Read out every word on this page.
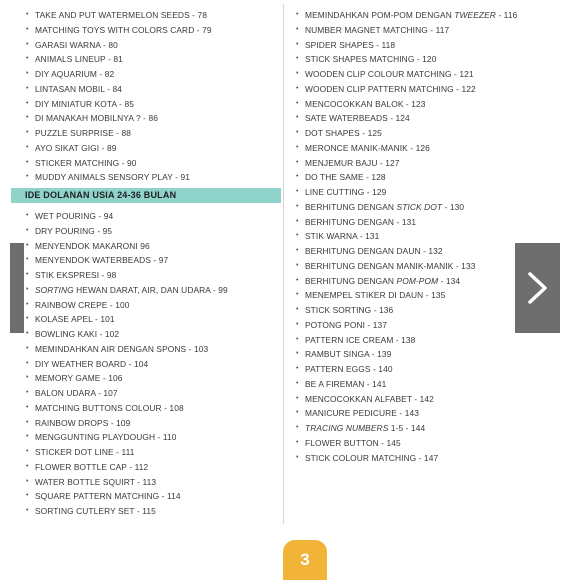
• TAKE AND PUT WATERMELON SEEDS - 78
• MATCHING TOYS WITH COLORS CARD - 79
• GARASI WARNA - 80
• ANIMALS LINEUP - 81
• DIY AQUARIUM - 82
• LINTASAN MOBIL - 84
• DIY MINIATUR KOTA - 85
• DI MANAKAH MOBILNYA ? - 86
• PUZZLE SURPRISE - 88
• AYO SIKAT GIGI - 89
• STICKER MATCHING - 90
• MUDDY ANIMALS SENSORY PLAY - 91
IDE DOLANAN USIA 24-36 BULAN
• WET POURING - 94
• DRY POURING - 95
• MENYENDOK MAKARONI 96
• MENYENDOK WATERBEADS - 97
• STIK EKSPRESI - 98
• SORTING HEWAN DARAT, AIR, DAN UDARA - 99
• RAINBOW CREPE - 100
• KOLASE APEL - 101
• BOWLING KAKI - 102
• MEMINDAHKAN AIR DENGAN SPONS - 103
• DIY WEATHER BOARD - 104
• MEMORY GAME - 106
• BALON UDARA - 107
• MATCHING BUTTONS COLOUR - 108
• RAINBOW DROPS - 109
• MENGGUNTING PLAYDOUGH - 110
• STICKER DOT LINE - 111
• FLOWER BOTTLE CAP - 112
• WATER BOTTLE SQUIRT - 113
• SQUARE PATTERN MATCHING - 114
• SORTING CUTLERY SET - 115
• MEMINDAHKAN POM-POM DENGAN TWEEZER - 116
• NUMBER MAGNET MATCHING - 117
• SPIDER SHAPES - 118
• STICK SHAPES MATCHING - 120
• WOODEN CLIP COLOUR MATCHING - 121
• WOODEN CLIP PATTERN MATCHING - 122
• MENCOCOKKAN BALOK - 123
• SATE WATERBEADS - 124
• DOT SHAPES - 125
• MERONCE MANIK-MANIK - 126
• MENJEMUR BAJU - 127
• DO THE SAME - 128
• LINE CUTTING - 129
• BERHITUNG DENGAN STICK DOT - 130
• BERHITUNG DENGAN - 131
• STIK WARNA - 131
• BERHITUNG DENGAN DAUN - 132
• BERHITUNG DENGAN MANIK-MANIK - 133
• BERHITUNG DENGAN POM-POM - 134
• MENEMPEL STIKER DI DAUN - 135
• STICK SORTING - 136
• POTONG PONI - 137
• PATTERN ICE CREAM - 138
• RAMBUT SINGA - 139
• PATTERN EGGS - 140
• BE A FIREMAN - 141
• MENCOCOKKAN ALFABET - 142
• MANICURE PEDICURE - 143
• TRACING NUMBERS 1-5 - 144
• FLOWER BUTTON - 145
• STICK COLOUR MATCHING - 147
3
